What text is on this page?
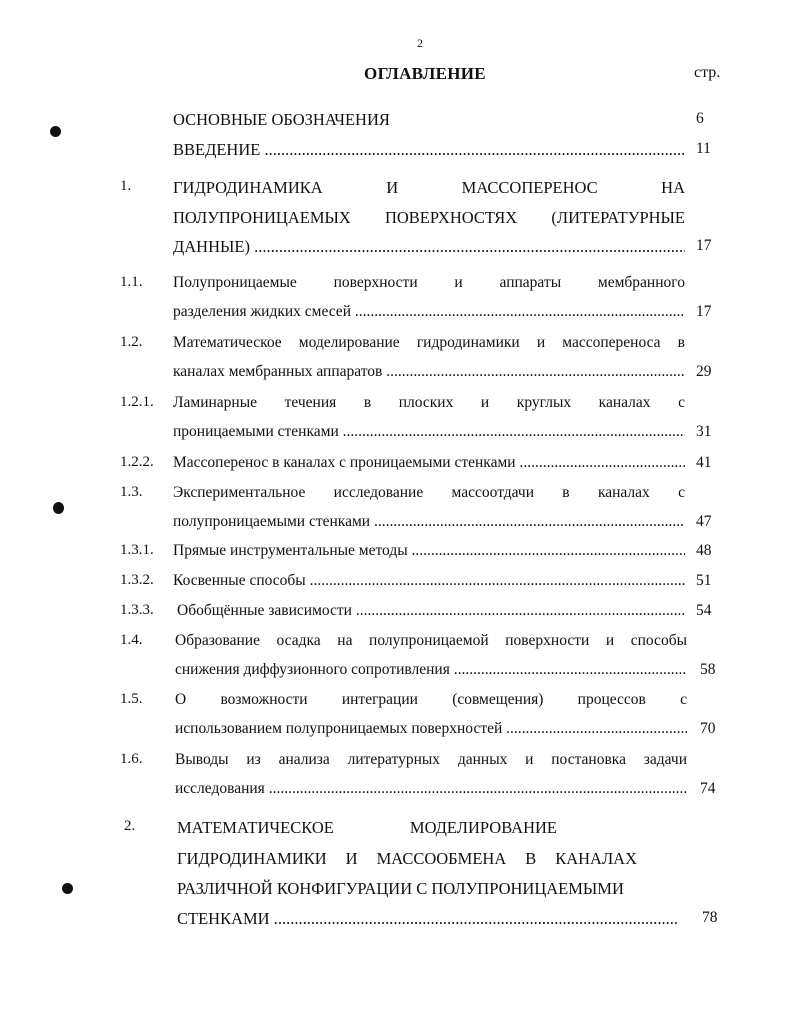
2
ОГЛАВЛЕНИЕ	стр.
ОСНОВНЫЕ ОБОЗНАЧЕНИЯ	6
ВВЕДЕНИЕ .....	11
1.	ГИДРОДИНАМИКА И МАССОПЕРЕНОС НА
ПОЛУПРОНИЦАЕМЫХ ПОВЕРХНОСТЯХ (ЛИТЕРАТУРНЫЕ
ДАННЫЕ) .....	17
1.1. Полупроницаемые поверхности и аппараты мембранного
разделения жидких смесей .....	17
1.2. Математическое моделирование гидродинамики и массопереноса в
каналах мембранных аппаратов .....	29
1.2.1. Ламинарные течения в плоских и круглых каналах с
проницаемыми стенками .....	31
1.2.2. Массоперенос в каналах с проницаемыми стенками .....	41
1.3. Экспериментальное исследование массоотдачи в каналах с
полупроницаемыми стенками .....	47
1.3.1. Прямые инструментальные методы .....	48
1.3.2. Косвенные способы .....	51
1.3.3. Обобщённые зависимости .....	54
1.4. Образование осадка на полупроницаемой поверхности и способы
снижения диффузионного сопротивления .....	58
1.5. О возможности интеграции (совмещения) процессов с
использованием полупроницаемых поверхностей .....	70
1.6. Выводы из анализа литературных данных и постановка задачи
исследования .....	74
2.	МАТЕМАТИЧЕСКОЕ МОДЕЛИРОВАНИЕ
ГИДРОДИНАМИКИ И МАССООБМЕНА В КАНАЛАХ
РАЗЛИЧНОЙ КОНФИГУРАЦИИ С ПОЛУПРОНИЦАЕМЫМИ
СТЕНКАМИ .....	78
